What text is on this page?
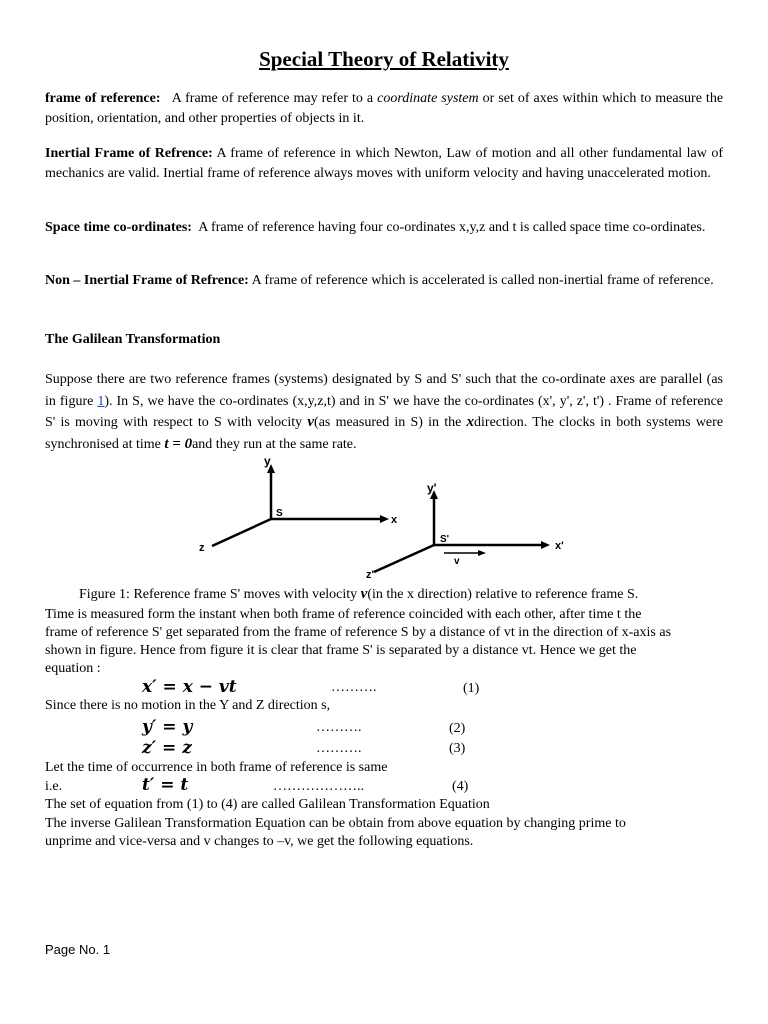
Special Theory of Relativity
frame of reference: A frame of reference may refer to a coordinate system or set of axes within which to measure the position, orientation, and other properties of objects in it.
Inertial Frame of Refrence: A frame of reference in which Newton, Law of motion and all other fundamental law of mechanics are valid. Inertial frame of reference always moves with uniform velocity and having unaccelerated motion.
Space time co-ordinates: A frame of reference having four co-ordinates x,y,z and t is called space time co-ordinates.
Non – Inertial Frame of Refrence: A frame of reference which is accelerated is called non-inertial frame of reference.
The Galilean Transformation
Suppose there are two reference frames (systems) designated by S and S' such that the co-ordinate axes are parallel (as in figure 1). In S, we have the co-ordinates (x,y,z,t) and in S' we have the co-ordinates (x', y', z', t') . Frame of reference S' is moving with respect to S with velocity v(as measured in S) in the xdirection. The clocks in both systems were synchronised at time t = 0and they run at the same rate.
y
x
z
S
y'
x'
z'
S'
v
Figure 1: Reference frame S' moves with velocity v(in the x direction) relative to reference frame S.
Time is measured form the instant when both frame of reference coincided with each other, after time t the
frame of reference S' get separated from the frame of reference S by a distance of vt in the direction of x-axis as
shown in figure. Hence from figure it is clear that frame S' is separated by a distance vt. Hence we get the
equation :
x′ = x − vt	……….	(1)
Since there is no motion in the Y and Z direction s,
y′ = y	……….	(2)
z′ = z	……….	(3)
Let the time of occurrence in both frame of reference is same
i.e.	t′ = t	………………..	(4)
The set of equation from (1) to (4) are called Galilean Transformation Equation
The inverse Galilean Transformation Equation can be obtain from above equation by changing prime to
unprime and vice-versa and v changes to –v, we get the following equations.
Page No. 1
